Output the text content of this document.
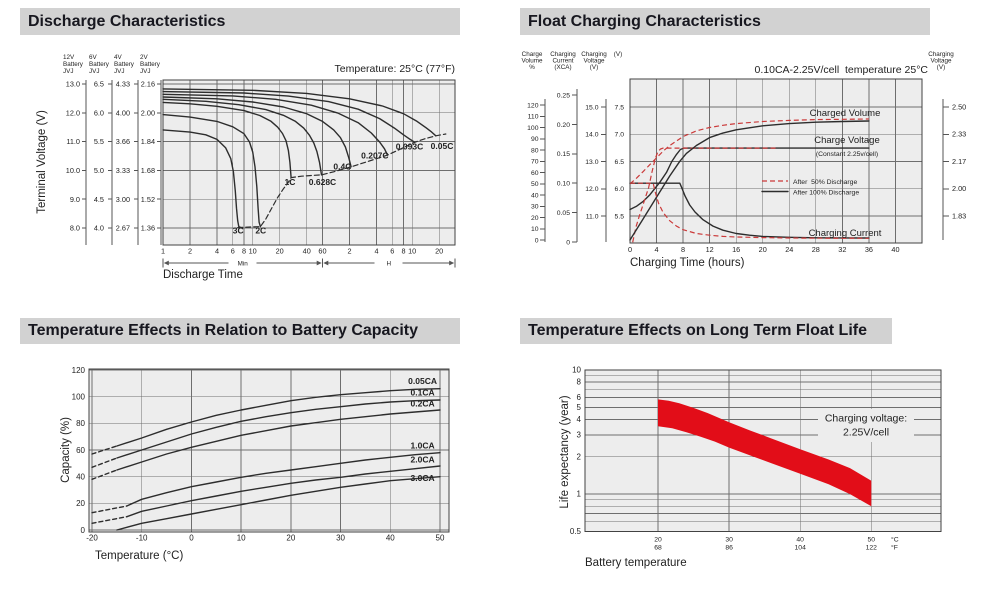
Discharge Characteristics	Float Charging Characteristics
Temperature Effects in Relation to Battery Capacity	Temperature Effects on Long Term Float Life
1	2	4 6 8 10	20	40 60	2	4 6 8 10	20
12V
Battery
JVJ
13.0
12.0
11.0
10.0
9.0
8.0
6V
Battery
JVJ
6.5
6.0
5.5
5.0
4.5
4.0
4V
Battery
JVJ
4.33
4.00
3.66
3.33
3.00
2.67
2V
Battery
JVJ
2.16
2.00
1.84
1.68
1.52
1.36
Temperature: 25°C (77°F)
3C 2C
1C 0.628C
0.4C
0.207C
0.093C 0.05C
Min	H
Discharge Time
Terminal Voltage (V)
0	4	8	12	16	20	24	28	32	36	40
Charge
Volume
%
120
110
100
90
80
70
60
50
40
30
20
10
0
Charging
Current
(XCA)
0.25
0.20
0.15
0.10
0.05
0
Charging
Voltage
(V)
15.0
14.0
13.0
12.0
11.0
(V)
7.5
7.0
6.5
6.0
5.5
Charging
Voltage
(V)
2.50
2.33
2.17
2.00
1.83
0.10CA-2.25V/cell  temperature 25°C
Charged Volume
Charge Voltage
(Constant 2.25v/cell)
Charging Current
After  50% Discharge
After 100% Discharge
Charging Time (hours)
-20	-10	0	10	20	30	40	50
0
20
40
60
80
100
120
0.05CA
0.1CA
0.2CA
1.0CA
2.0CA
3.0CA
Temperature (°C)
Capacity (%)	Charging voltage:
2.25V/cell
10
8
6
5
4
3
2
1
0.5
20
68
30
86
40
104
50
122
°C
°F
Battery temperature
Life expectancy (year)
